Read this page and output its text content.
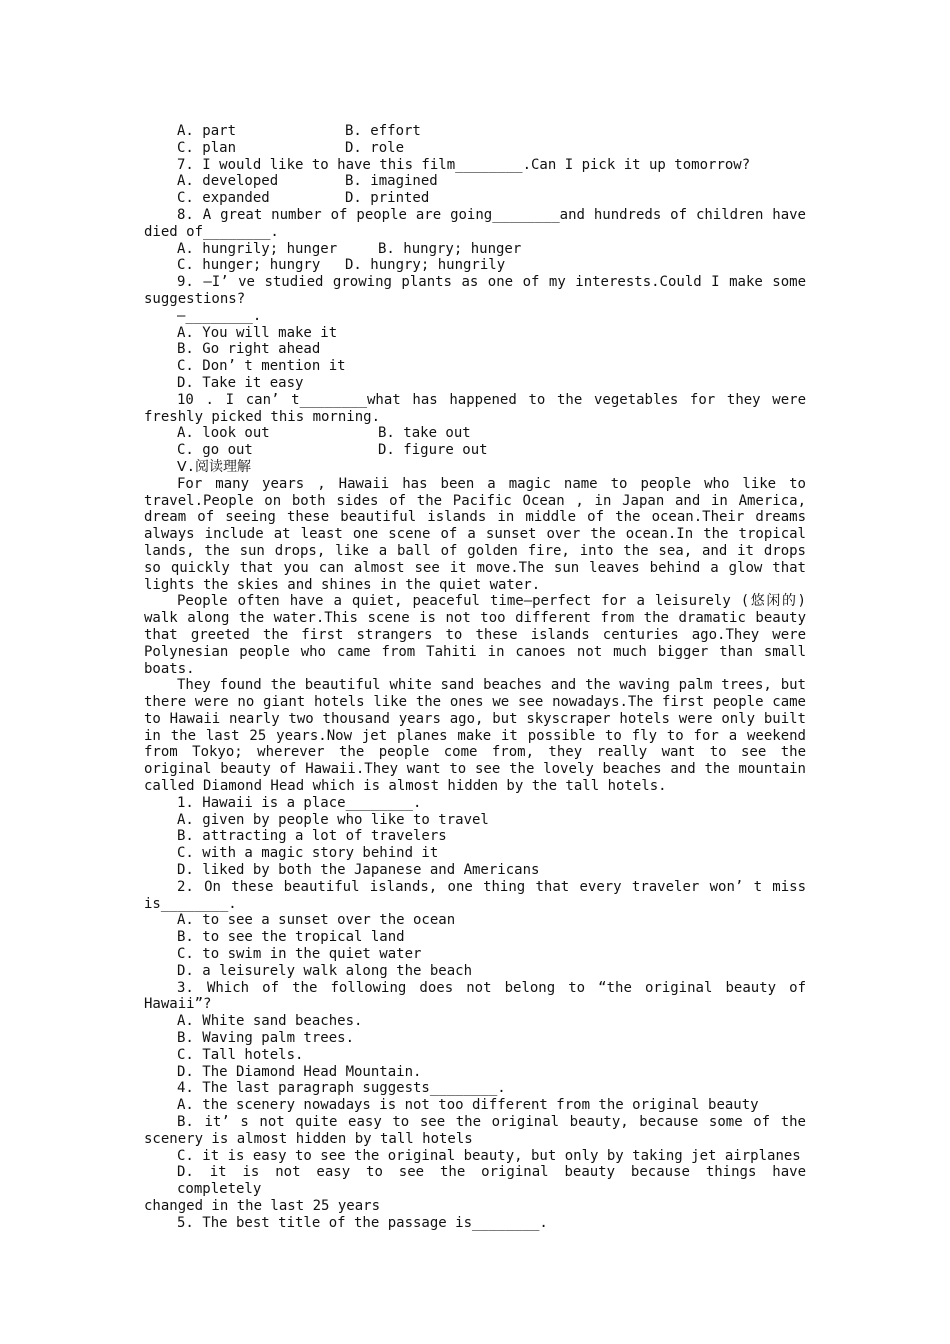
A. part	B. effort
C. plan	D. role
7. I would like to have this film________.Can I pick it up tomorrow?
A. developed	B. imagined
C. expanded	D. printed
8. A great number of people are going________and hundreds of children have
died of________.
A. hungrily; hunger	B. hungry; hunger
C. hunger; hungry	D. hungry; hungrily
9. —I’ ve studied growing plants as one of my interests.Could I make some
suggestions?
—________.
A. You will make it
B. Go right ahead
C. Don’ t mention it
D. Take it easy
10 . I can’ t________what has happened to the vegetables for they were
freshly picked this morning.
A. look out	B. take out
C. go out	D. figure out
Ⅴ.阅读理解
For many years , Hawaii has been a magic name to people who like to travel.People on both sides of the Pacific Ocean , in Japan and in America, dream of seeing these beautiful islands in middle of the ocean.Their dreams always include at least one scene of a sunset over the ocean.In the tropical lands, the sun drops, like a ball of golden fire, into the sea, and it drops so quickly that you can almost see it move.The sun leaves behind a glow that lights the skies and shines in the quiet water.
People often have a quiet, peaceful time—perfect for a leisurely (悠闲的) walk along the water.This scene is not too different from the dramatic beauty that greeted the first strangers to these islands centuries ago.They were Polynesian people who came from Tahiti in canoes not much bigger than small boats.
They found the beautiful white sand beaches and the waving palm trees, but there were no giant hotels like the ones we see nowadays.The first people came to Hawaii nearly two thousand years ago, but skyscraper hotels were only built in the last 25 years.Now jet planes make it possible to fly to for a weekend from Tokyo; wherever the people come from, they really want to see the original beauty of Hawaii.They want to see the lovely beaches and the mountain called Diamond Head which is almost hidden by the tall hotels.
1. Hawaii is a place________.
A. given by people who like to travel
B. attracting a lot of travelers
C. with a magic story behind it
D. liked by both the Japanese and Americans
2. On these beautiful islands, one thing that every traveler won’ t miss
is________.
A. to see a sunset over the ocean
B. to see the tropical land
C. to swim in the quiet water
D. a leisurely walk along the beach
3. Which of the following does not belong to “the original beauty of
Hawaii”?
A. White sand beaches.
B. Waving palm trees.
C. Tall hotels.
D. The Diamond Head Mountain.
4. The last paragraph suggests________.
A. the scenery nowadays is not too different from the original beauty
B. it’ s not quite easy to see the original beauty, because some of the
scenery is almost hidden by tall hotels
C. it is easy to see the original beauty, but only by taking jet airplanes
D. it is not easy to see the original beauty because things have completely
changed in the last 25 years
5. The best title of the passage is________.
